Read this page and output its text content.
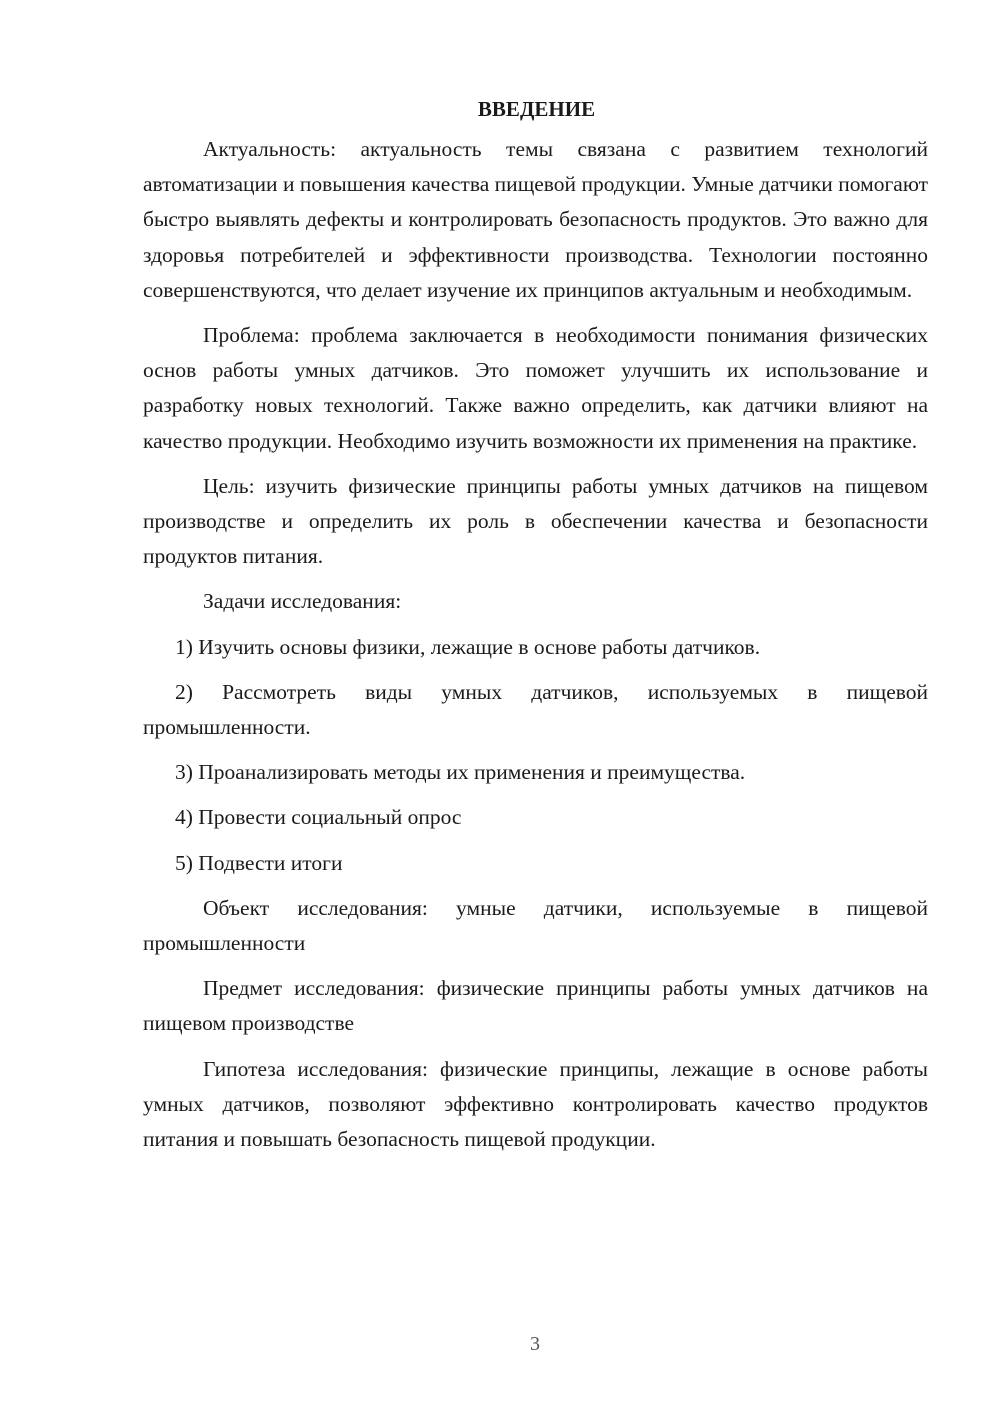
ВВЕДЕНИЕ

Актуальность: актуальность темы связана с развитием технологий автоматизации и повышения качества пищевой продукции. Умные датчики помогают быстро выявлять дефекты и контролировать безопасность продуктов. Это важно для здоровья потребителей и эффективности производства. Технологии постоянно совершенствуются, что делает изучение их принципов актуальным и необходимым.

Проблема: проблема заключается в необходимости понимания физических основ работы умных датчиков. Это поможет улучшить их использование и разработку новых технологий. Также важно определить, как датчики влияют на качество продукции. Необходимо изучить возможности их применения на практике.

Цель: изучить физические принципы работы умных датчиков на пищевом производстве и определить их роль в обеспечении качества и безопасности продуктов питания.

Задачи исследования:

1) Изучить основы физики, лежащие в основе работы датчиков.

2) Рассмотреть виды умных датчиков, используемых в пищевой промышленности.

3) Проанализировать методы их применения и преимущества.

4) Провести социальный опрос

5) Подвести итоги

Объект исследования: умные датчики, используемые в пищевой промышленности

Предмет исследования: физические принципы работы умных датчиков на пищевом производстве

Гипотеза исследования: физические принципы, лежащие в основе работы умных датчиков, позволяют эффективно контролировать качество продуктов питания и повышать безопасность пищевой продукции.

3
